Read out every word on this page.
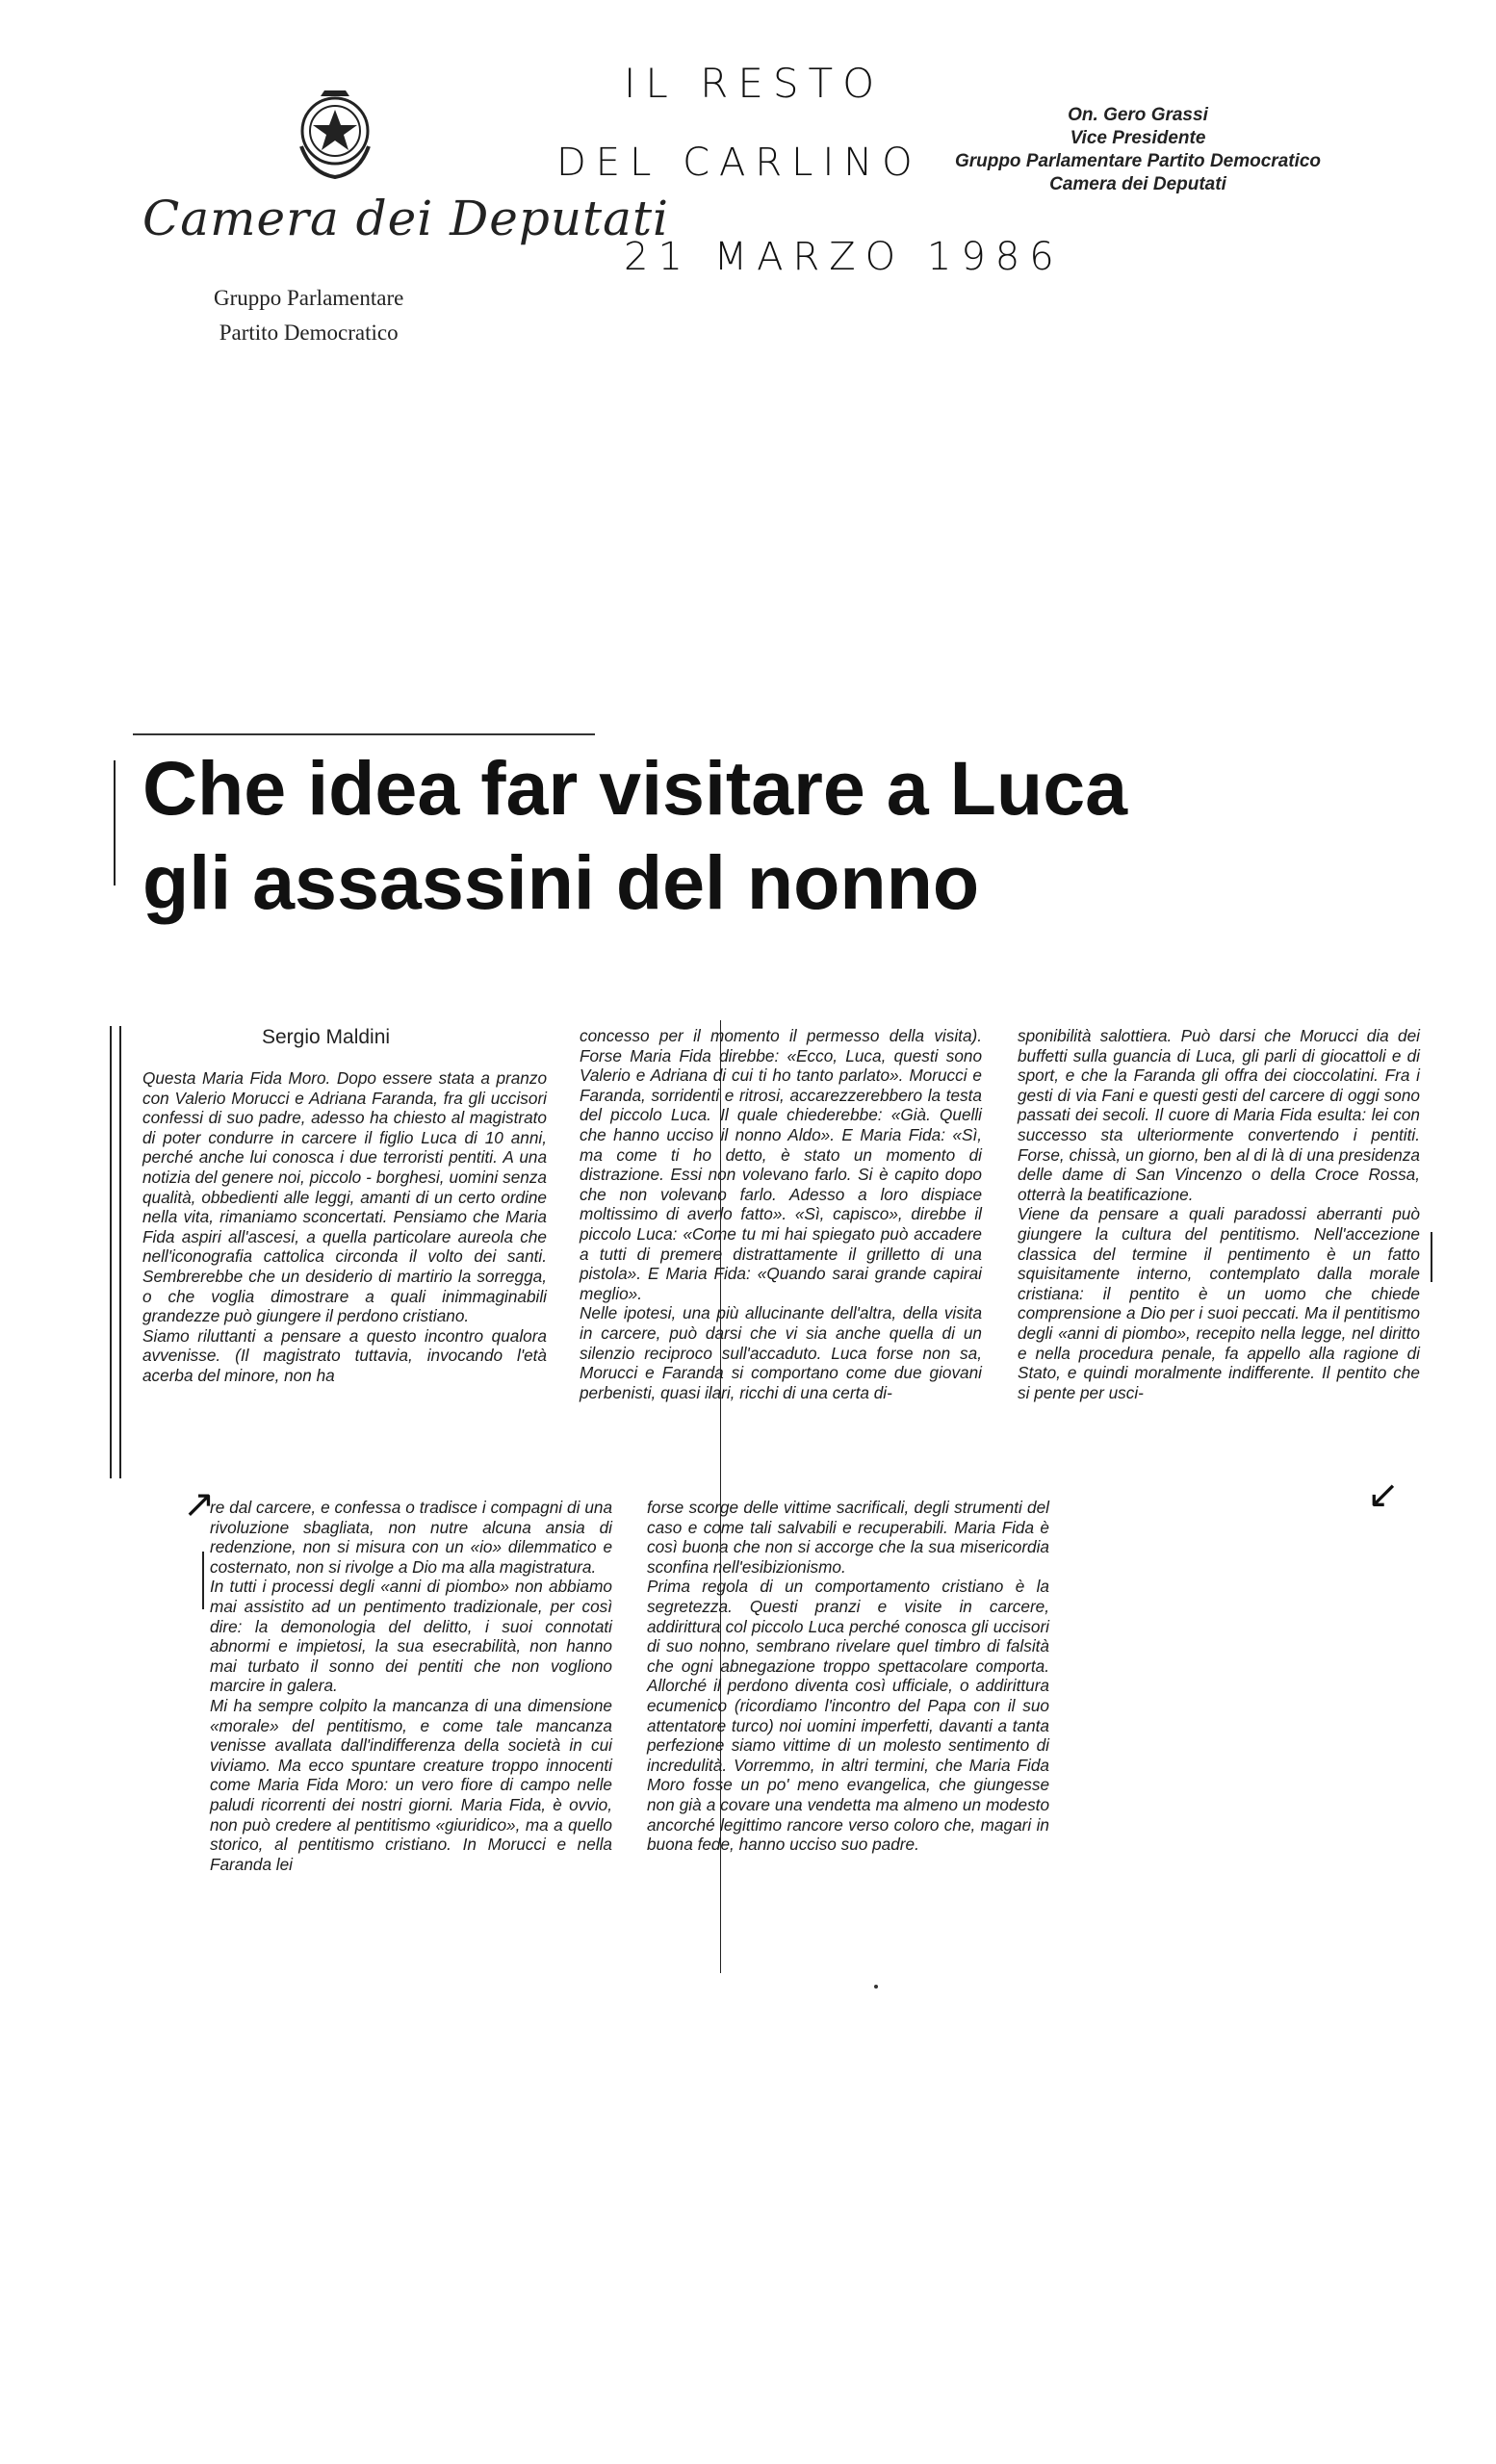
Camera dei Deputati
Gruppo Parlamentare
Partito Democratico
IL RESTO
DEL CARLINO
21 MARZO 1986
On. Gero Grassi
Vice Presidente
Gruppo Parlamentare Partito Democratico
Camera dei Deputati
Che idea far visitare a Luca
gli assassini del nonno
Sergio Maldini

Questa Maria Fida Moro. Dopo essere stata a pranzo con Valerio Morucci e Adriana Faranda, fra gli uccisori confessi di suo padre, adesso ha chiesto al magistrato di poter condurre in carcere il figlio Luca di 10 anni, perché anche lui conosca i due terroristi pentiti. A una notizia del genere noi, piccolo - borghesi, uomini senza qualità, obbedienti alle leggi, amanti di un certo ordine nella vita, rimaniamo sconcertati. Pensiamo che Maria Fida aspiri all'ascesi, a quella particolare aureola che nell'iconografia cattolica circonda il volto dei santi. Sembrerebbe che un desiderio di martirio la sorregga, o che voglia dimostrare a quali inimmaginabili grandezze può giungere il perdono cristiano.

Siamo riluttanti a pensare a questo incontro qualora avvenisse. (Il magistrato tuttavia, invocando l'età acerba del minore, non ha

concesso per il momento il permesso della visita). Forse Maria Fida direbbe: «Ecco, Luca, questi sono Valerio e Adriana di cui ti ho tanto parlato». Morucci e Faranda, sorridenti e ritrosi, accarezzerebbero la testa del piccolo Luca. Il quale chiederebbe: «Già. Quelli che hanno ucciso il nonno Aldo». E Maria Fida: «Sì, ma come ti ho detto, è stato un momento di distrazione. Essi non volevano farlo. Si è capito dopo che non volevano farlo. Adesso a loro dispiace moltissimo di averlo fatto». «Sì, capisco», direbbe il piccolo Luca: «Come tu mi hai spiegato può accadere a tutti di premere distrattamente il grilletto di una pistola». E Maria Fida: «Quando sarai grande capirai meglio».

Nelle ipotesi, una più allucinante dell'altra, della visita in carcere, può darsi che vi sia anche quella di un silenzio reciproco sull'accaduto. Luca forse non sa, Morucci e Faranda si comportano come due giovani perbenisti, quasi ilari, ricchi di una certa di-

sponibilità salottiera. Può darsi che Morucci dia dei buffetti sulla guancia di Luca, gli parli di giocattoli e di sport, e che la Faranda gli offra dei cioccolatini. Fra i gesti di via Fani e questi gesti del carcere di oggi sono passati dei secoli. Il cuore di Maria Fida esulta: lei con successo sta ulteriormente convertendo i pentiti. Forse, chissà, un giorno, ben al di là di una presidenza delle dame di San Vincenzo o della Croce Rossa, otterrà la beatificazione.

Viene da pensare a quali paradossi aberranti può giungere la cultura del pentitismo. Nell'accezione classica del termine il pentimento è un fatto squisitamente interno, contemplato dalla morale cristiana: il pentito è un uomo che chiede comprensione a Dio per i suoi peccati. Ma il pentitismo degli «anni di piombo», recepito nella legge, nel diritto e nella procedura penale, fa appello alla ragione di Stato, e quindi moralmente indifferente. Il pentito che si pente per usci-

↗	↙

re dal carcere, e confessa o tradisce i compagni di una rivoluzione sbagliata, non nutre alcuna ansia di redenzione, non si misura con un «io» dilemmatico e costernato, non si rivolge a Dio ma alla magistratura.

In tutti i processi degli «anni di piombo» non abbiamo mai assistito ad un pentimento tradizionale, per così dire: la demonologia del delitto, i suoi connotati abnormi e impietosi, la sua esecrabilità, non hanno mai turbato il sonno dei pentiti che non vogliono marcire in galera.

Mi ha sempre colpito la mancanza di una dimensione «morale» del pentitismo, e come tale mancanza venisse avallata dall'indifferenza della società in cui viviamo. Ma ecco spuntare creature troppo innocenti come Maria Fida Moro: un vero fiore di campo nelle paludi ricorrenti dei nostri giorni. Maria Fida, è ovvio, non può credere al pentitismo «giuridico», ma a quello storico, al pentitismo cristiano. In Morucci e nella Faranda lei

forse scorge delle vittime sacrificali, degli strumenti del caso e come tali salvabili e recuperabili. Maria Fida è così buona che non si accorge che la sua misericordia sconfina nell'esibizionismo.

Prima regola di un comportamento cristiano è la segretezza. Questi pranzi e visite in carcere, addirittura col piccolo Luca perché conosca gli uccisori di suo nonno, sembrano rivelare quel timbro di falsità che ogni abnegazione troppo spettacolare comporta. Allorché il perdono diventa così ufficiale, o addirittura ecumenico (ricordiamo l'incontro del Papa con il suo attentatore turco) noi uomini imperfetti, davanti a tanta perfezione siamo vittime di un molesto sentimento di incredulità. Vorremmo, in altri termini, che Maria Fida Moro fosse un po' meno evangelica, che giungesse non già a covare una vendetta ma almeno un modesto ancorché legittimo rancore verso coloro che, magari in buona fede, hanno ucciso suo padre.
